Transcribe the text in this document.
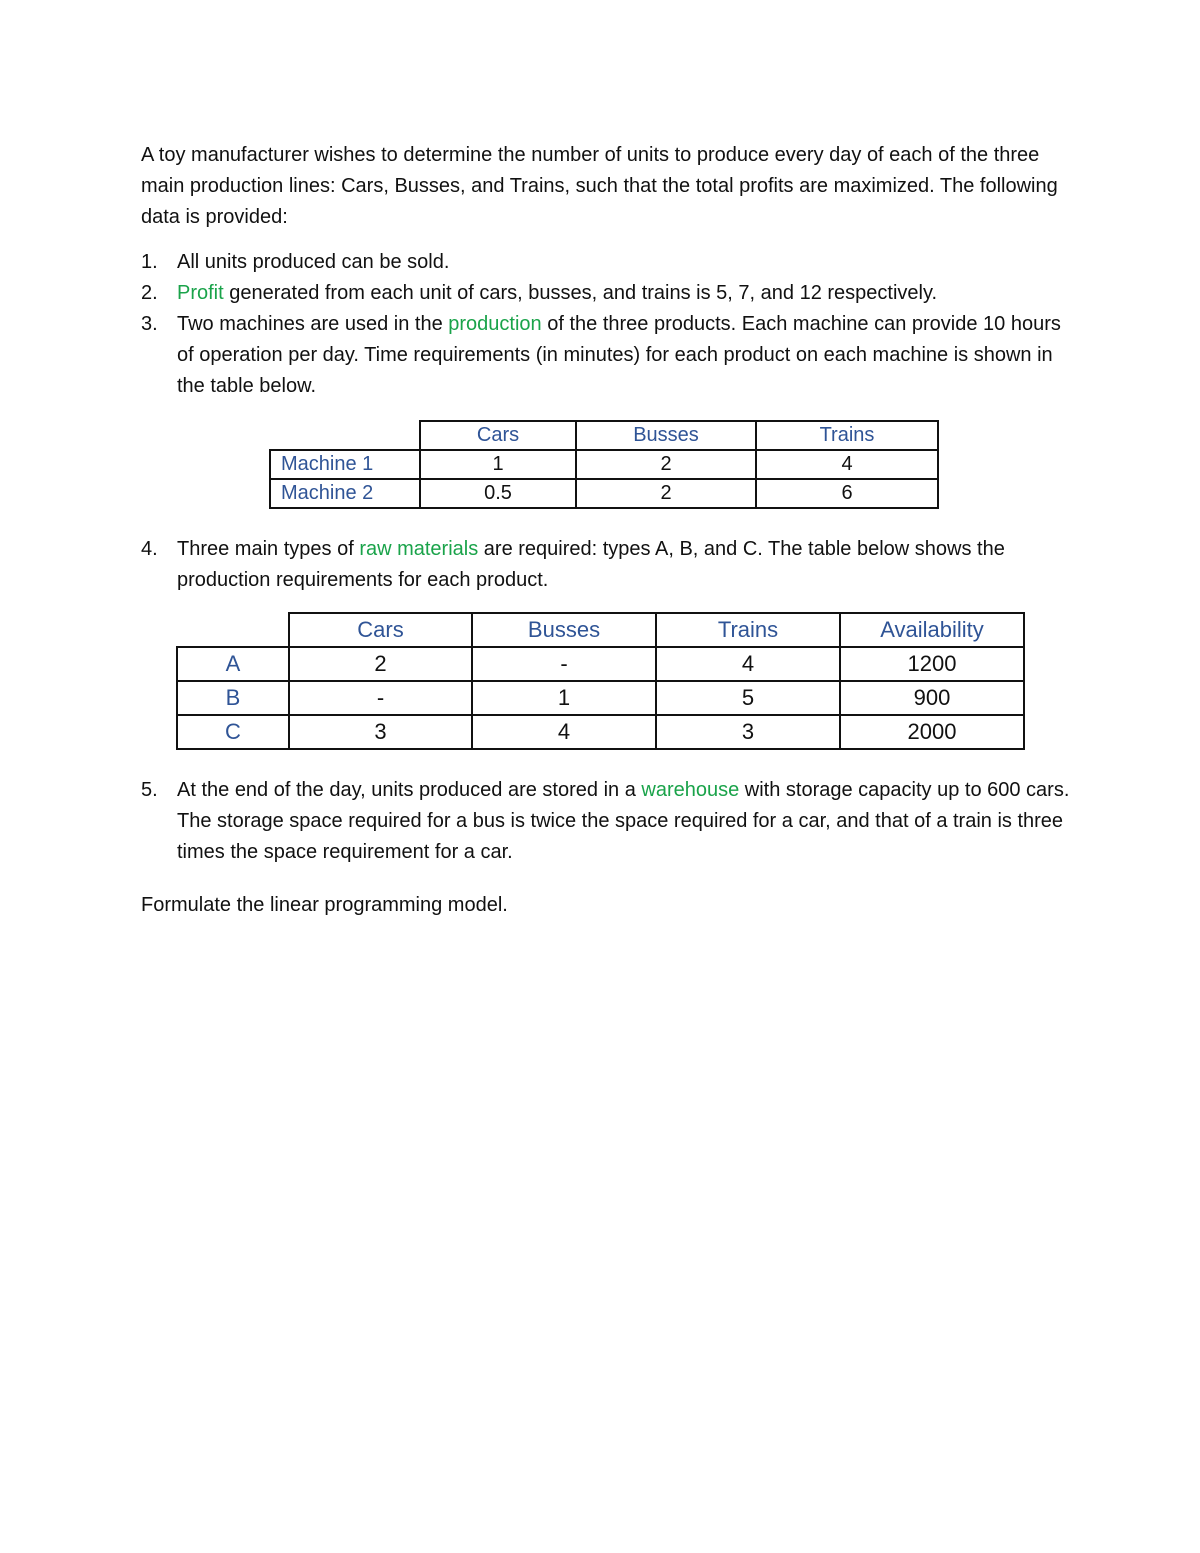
A toy manufacturer wishes to determine the number of units to produce every day of each of the three main production lines: Cars, Busses, and Trains, such that the total profits are maximized. The following data is provided:

1. All units produced can be sold.
2. Profit generated from each unit of cars, busses, and trains is 5, 7, and 12 respectively.
3. Two machines are used in the production of the three products. Each machine can provide 10 hours of operation per day. Time requirements (in minutes) for each product on each machine is shown in the table below.
	Cars	Busses	Trains
Machine 1	1	2	4
Machine 2	0.5	2	6
4. Three main types of raw materials are required: types A, B, and C. The table below shows the production requirements for each product.
	Cars	Busses	Trains	Availability
A	2	-	4	1200
B	-	1	5	900
C	3	4	3	2000
5. At the end of the day, units produced are stored in a warehouse with storage capacity up to 600 cars. The storage space required for a bus is twice the space required for a car, and that of a train is three times the space requirement for a car.

Formulate the linear programming model.
